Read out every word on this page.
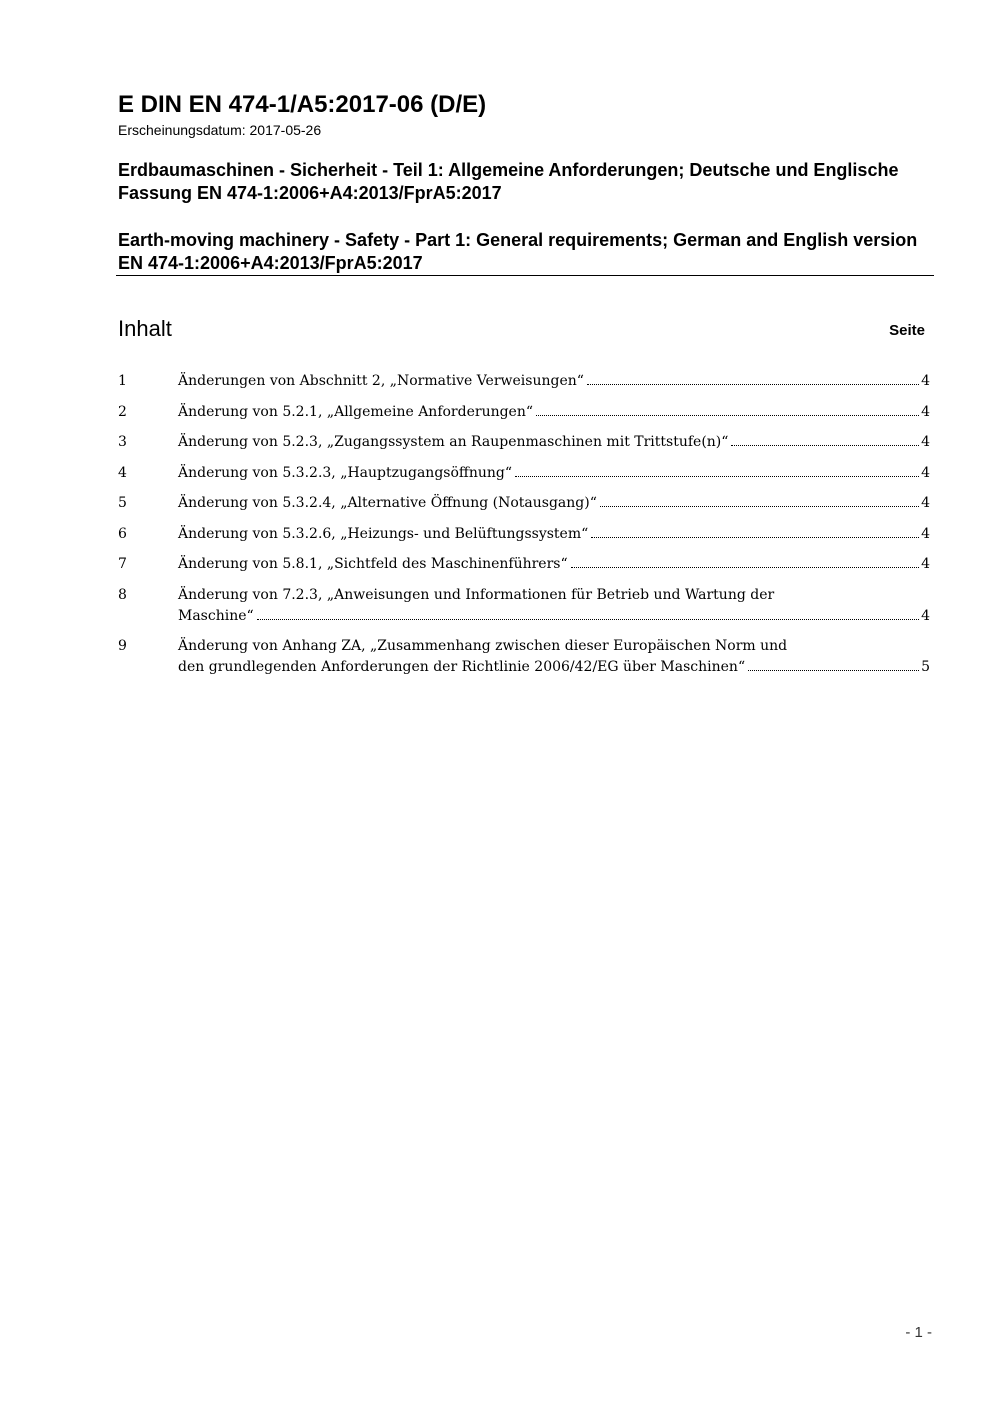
E DIN EN 474-1/A5:2017-06 (D/E)
Erscheinungsdatum: 2017-05-26
Erdbaumaschinen - Sicherheit - Teil 1: Allgemeine Anforderungen; Deutsche und Englische Fassung EN 474-1:2006+A4:2013/FprA5:2017
Earth-moving machinery - Safety - Part 1: General requirements; German and English version EN 474-1:2006+A4:2013/FprA5:2017
Inhalt	Seite
1	Änderungen von Abschnitt 2, „Normative Verweisungen“	4
2	Änderung von 5.2.1, „Allgemeine Anforderungen“	4
3	Änderung von 5.2.3, „Zugangssystem an Raupenmaschinen mit Trittstufe(n)“	4
4	Änderung von 5.3.2.3, „Hauptzugangsöffnung“	4
5	Änderung von 5.3.2.4, „Alternative Öffnung (Notausgang)“	4
6	Änderung von 5.3.2.6, „Heizungs- und Belüftungssystem“	4
7	Änderung von 5.8.1, „Sichtfeld des Maschinenführers“	4
8	Änderung von 7.2.3, „Anweisungen und Informationen für Betrieb und Wartung der
Maschine“	4
9	Änderung von Anhang ZA, „Zusammenhang zwischen dieser Europäischen Norm und
den grundlegenden Anforderungen der Richtlinie 2006/42/EG über Maschinen“	5
- 1 -
